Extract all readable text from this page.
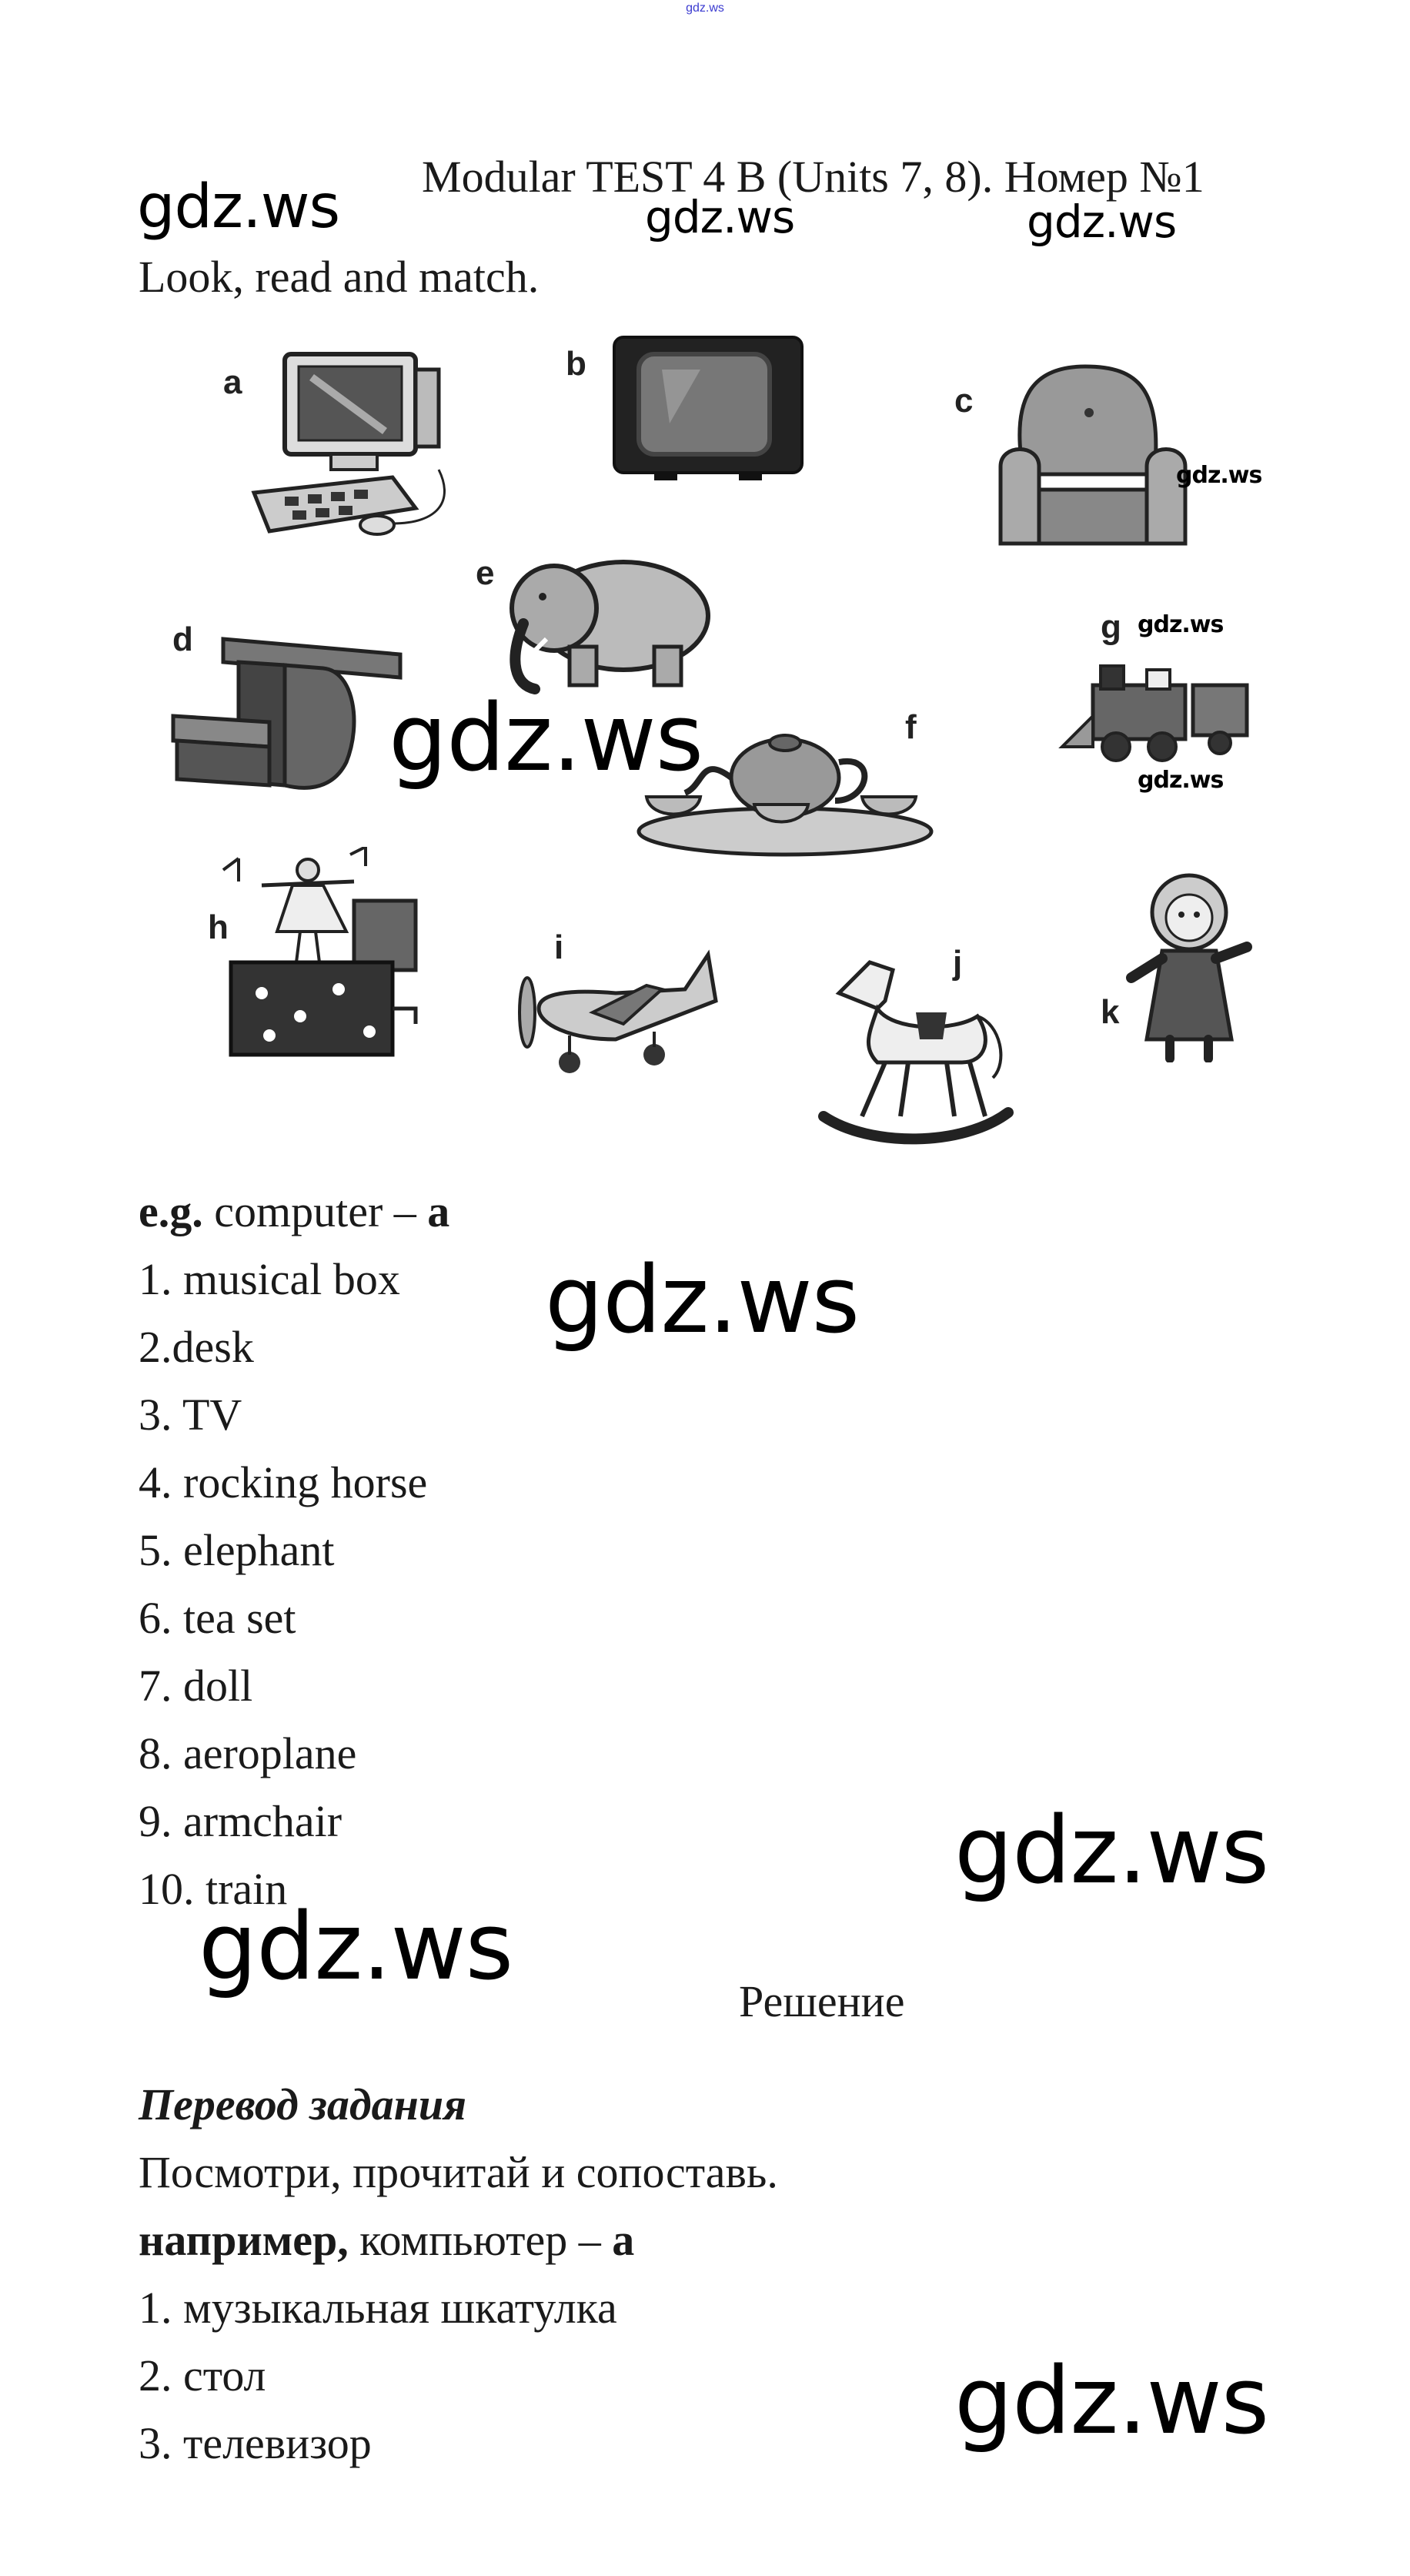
gdz.ws
Modular TEST 4 B (Units 7, 8). Номер №1
gdz.ws	gdz.ws	gdz.ws
Look, read and match.
a	b
c
gdz.ws
e
d
f
g gdz.ws
gdz.ws
h
i	j
k
gdz.ws
e.g. computer – a
1. musical box
2.desk
3. TV
4. rocking horse
5. elephant
6. tea set
7. doll
8. aeroplane
9. armchair
10. train
gdz.ws
gdz.ws
gdz.ws
Решение
Перевод задания
Посмотри, прочитай и сопоставь.
например, компьютер – а
1. музыкальная шкатулка
2. стол
3. телевизор	gdz.ws
